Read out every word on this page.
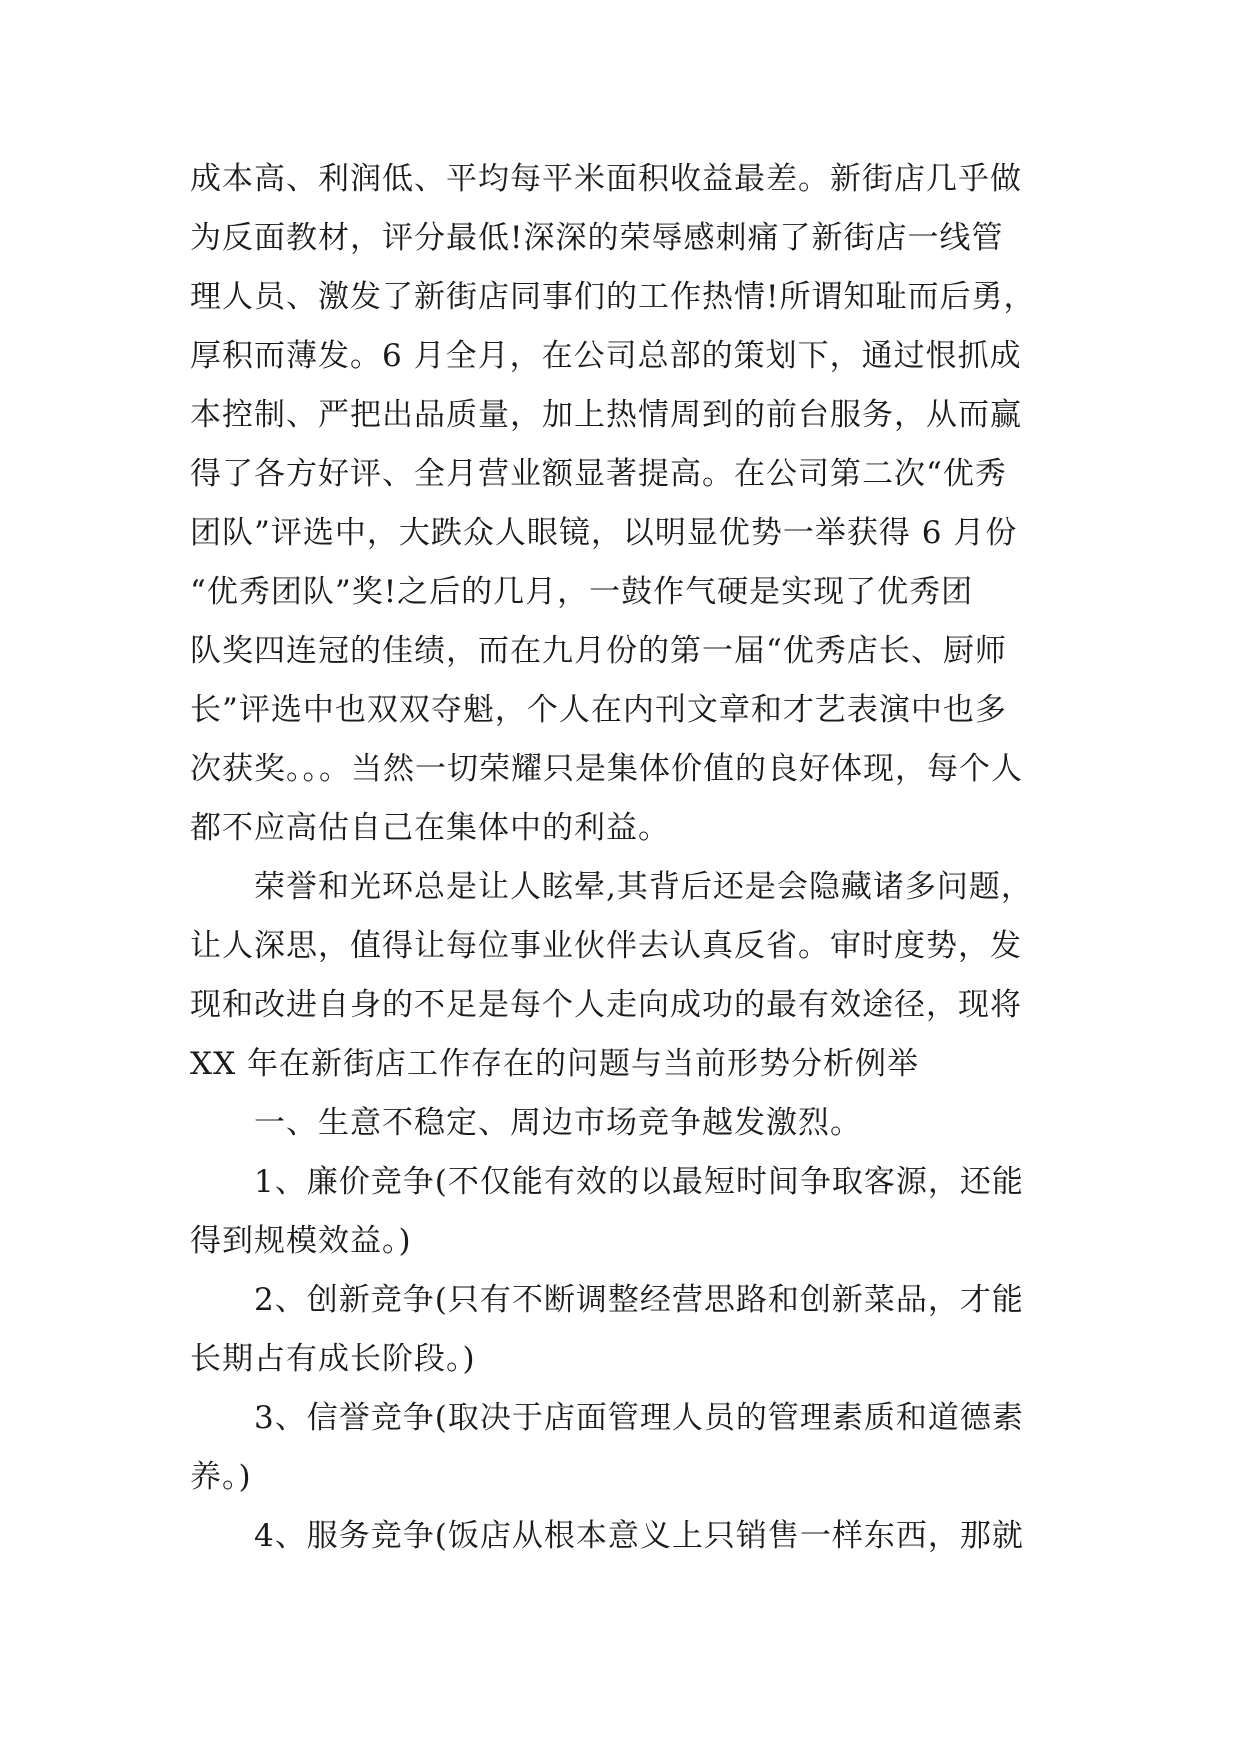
成本高、利润低、平均每平米面积收益最差。新街店几乎做
为反面教材，评分最低!深深的荣辱感刺痛了新街店一线管
理人员、激发了新街店同事们的工作热情!所谓知耻而后勇，
厚积而薄发。6 月全月，在公司总部的策划下，通过恨抓成
本控制、严把出品质量，加上热情周到的前台服务，从而赢
得了各方好评、全月营业额显著提高。在公司第二次“优秀
团队”评选中，大跌众人眼镜，以明显优势一举获得 6 月份
“优秀团队”奖!之后的几月，一鼓作气硬是实现了优秀团
队奖四连冠的佳绩，而在九月份的第一届“优秀店长、厨师
长”评选中也双双夺魁，个人在内刊文章和才艺表演中也多
次获奖。。。当然一切荣耀只是集体价值的良好体现，每个人
都不应高估自己在集体中的利益。
荣誉和光环总是让人眩晕,其背后还是会隐藏诸多问题，
让人深思，值得让每位事业伙伴去认真反省。审时度势，发
现和改进自身的不足是每个人走向成功的最有效途径，现将
XX 年在新街店工作存在的问题与当前形势分析例举
一、生意不稳定、周边市场竞争越发激烈。
1、廉价竞争(不仅能有效的以最短时间争取客源，还能
得到规模效益。)
2、创新竞争(只有不断调整经营思路和创新菜品，才能
长期占有成长阶段。)
3、信誉竞争(取决于店面管理人员的管理素质和道德素
养。)
4、服务竞争(饭店从根本意义上只销售一样东西，那就
